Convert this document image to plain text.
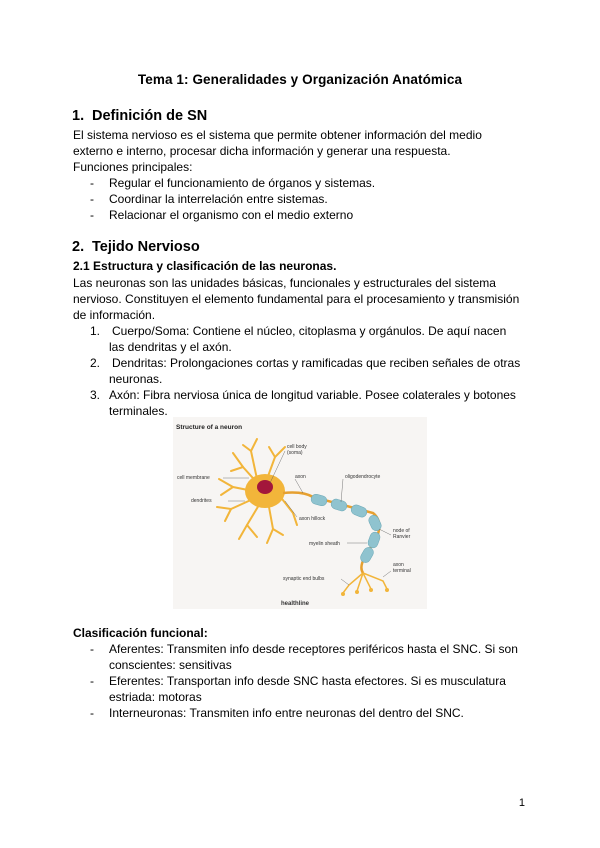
Tema 1: Generalidades y Organización Anatómica
1. Definición de SN
El sistema nervioso es el sistema que permite obtener información del medio
externo e interno, procesar dicha información y generar una respuesta.
Funciones principales:
- Regular el funcionamiento de órganos y sistemas.
- Coordinar la interrelación entre sistemas.
- Relacionar el organismo con el medio externo
2. Tejido Nervioso
2.1 Estructura y clasificación de las neuronas.
Las neuronas son las unidades básicas, funcionales y estructurales del sistema
nervioso. Constituyen el elemento fundamental para el procesamiento y transmisión
de información.
1. Cuerpo/Soma: Contiene el núcleo, citoplasma y orgánulos. De aquí nacen
las dendritas y el axón.
2. Dendritas: Prolongaciones cortas y ramificadas que reciben señales de otras
neuronas.
3. Axón: Fibra nerviosa única de longitud variable. Posee colaterales y botones
terminales.
Structure of a neuron
cell body
(soma)
cell membrane	axon	oligodendrocyte
dendrites
axon hillock
node of
Ranvier
myelin sheath
axon
terminal
synaptic end bulbs
healthline
Clasificación funcional:
- Aferentes: Transmiten info desde receptores periféricos hasta el SNC. Si son
conscientes: sensitivas
- Eferentes: Transportan info desde SNC hasta efectores. Si es musculatura
estriada: motoras
- Interneuronas: Transmiten info entre neuronas del dentro del SNC.
1
